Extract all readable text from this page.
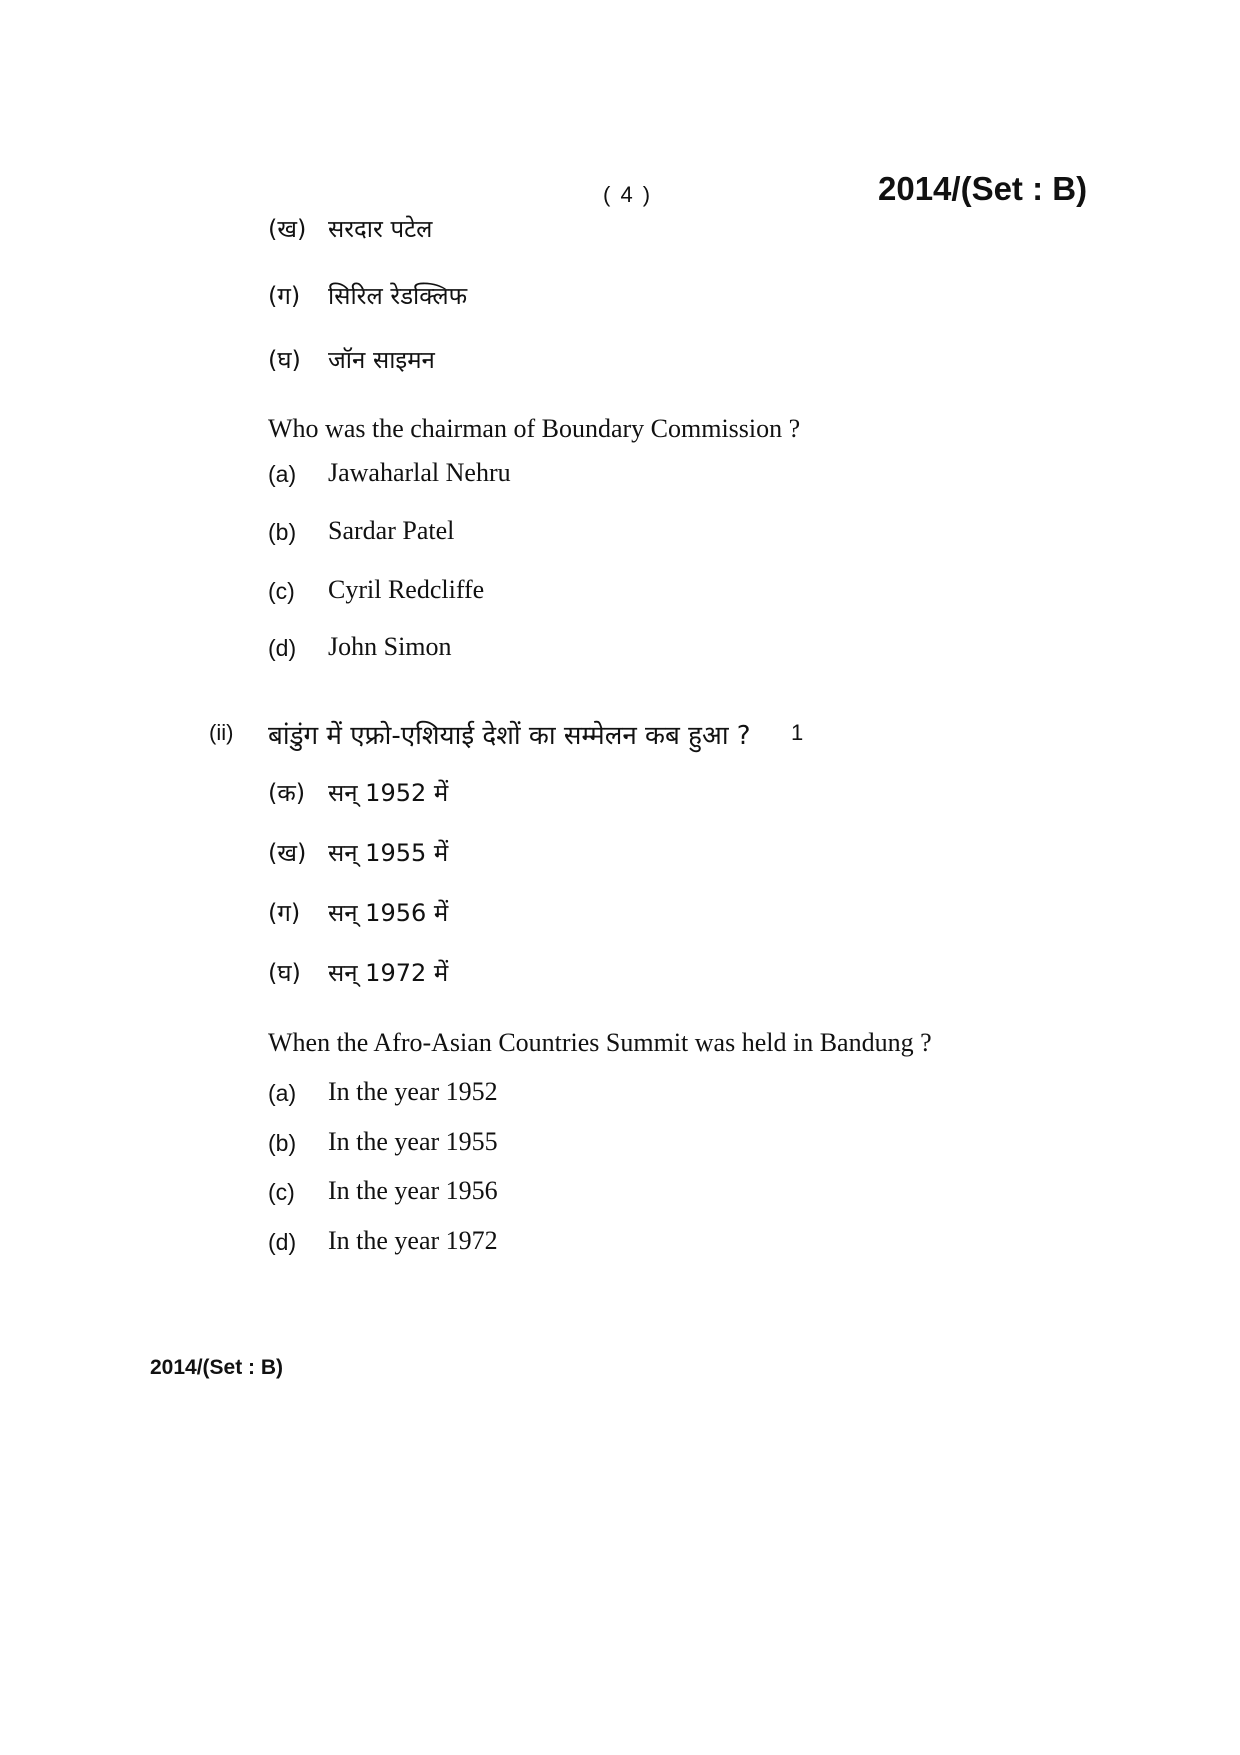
( 4 )	2014/(Set : B)
(ख) सरदार पटेल
(ग) सिरिल रेडक्लिफ
(घ) जॉन साइमन
Who was the chairman of Boundary Commission ?
(a) Jawaharlal Nehru
(b) Sardar Patel
(c) Cyril Redcliffe
(d) John Simon
(ii) बांडुंग में एफ्रो-एशियाई देशों का सम्मेलन कब हुआ ? 1
(क) सन् 1952 में
(ख) सन् 1955 में
(ग) सन् 1956 में
(घ) सन् 1972 में
When the Afro-Asian Countries Summit was held in Bandung ?
(a) In the year 1952
(b) In the year 1955
(c) In the year 1956
(d) In the year 1972
2014/(Set : B)
